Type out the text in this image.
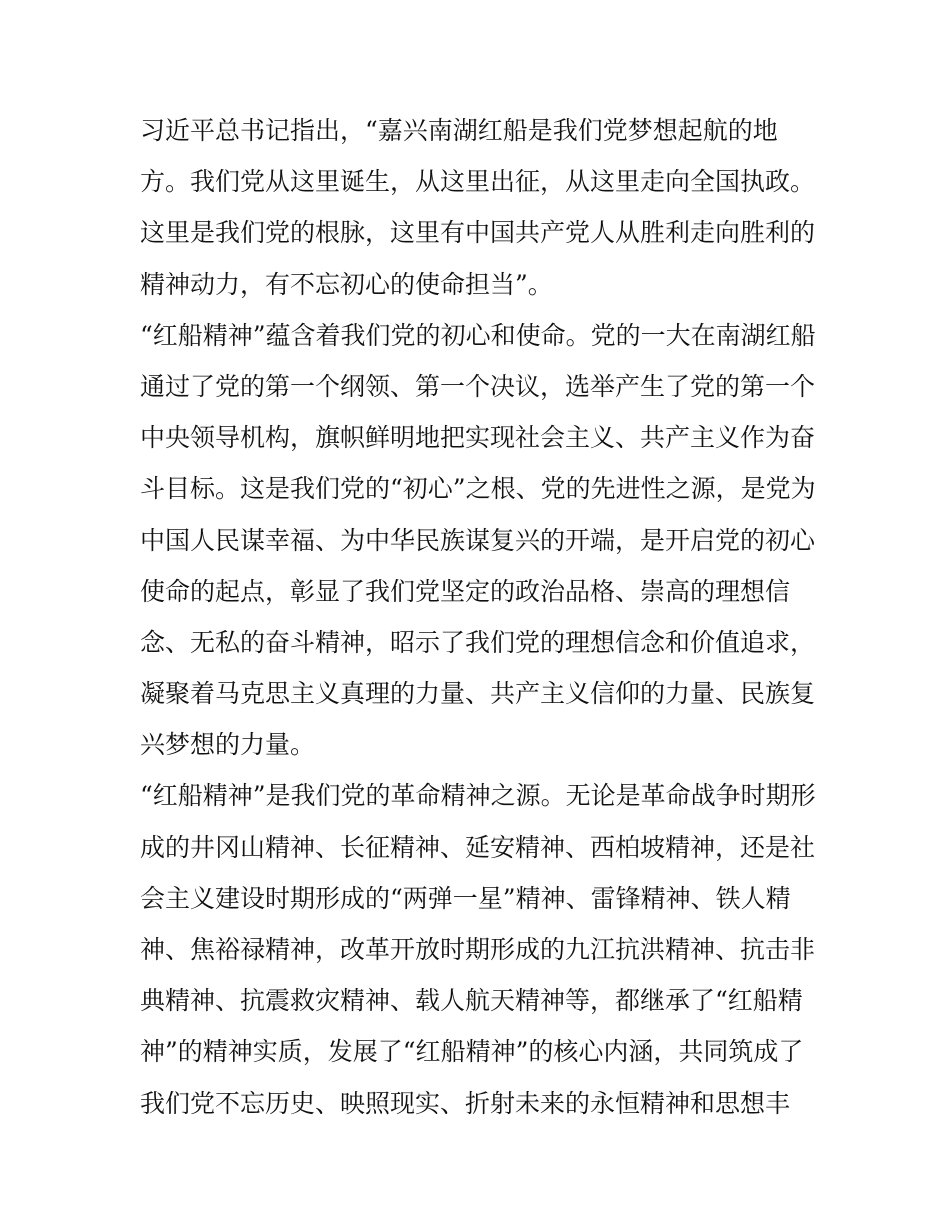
习近平总书记指出，“嘉兴南湖红船是我们党梦想起航的地
方。我们党从这里诞生，从这里出征，从这里走向全国执政。
这里是我们党的根脉，这里有中国共产党人从胜利走向胜利的
精神动力，有不忘初心的使命担当”。
“红船精神”蕴含着我们党的初心和使命。党的一大在南湖红船
通过了党的第一个纲领、第一个决议，选举产生了党的第一个
中央领导机构，旗帜鲜明地把实现社会主义、共产主义作为奋
斗目标。这是我们党的“初心”之根、党的先进性之源，是党为
中国人民谋幸福、为中华民族谋复兴的开端，是开启党的初心
使命的起点，彰显了我们党坚定的政治品格、崇高的理想信
念、无私的奋斗精神，昭示了我们党的理想信念和价值追求，
凝聚着马克思主义真理的力量、共产主义信仰的力量、民族复
兴梦想的力量。
“红船精神”是我们党的革命精神之源。无论是革命战争时期形
成的井冈山精神、长征精神、延安精神、西柏坡精神，还是社
会主义建设时期形成的“两弹一星”精神、雷锋精神、铁人精
神、焦裕禄精神，改革开放时期形成的九江抗洪精神、抗击非
典精神、抗震救灾精神、载人航天精神等，都继承了“红船精
神”的精神实质，发展了“红船精神”的核心内涵，共同筑成了
我们党不忘历史、映照现实、折射未来的永恒精神和思想丰
